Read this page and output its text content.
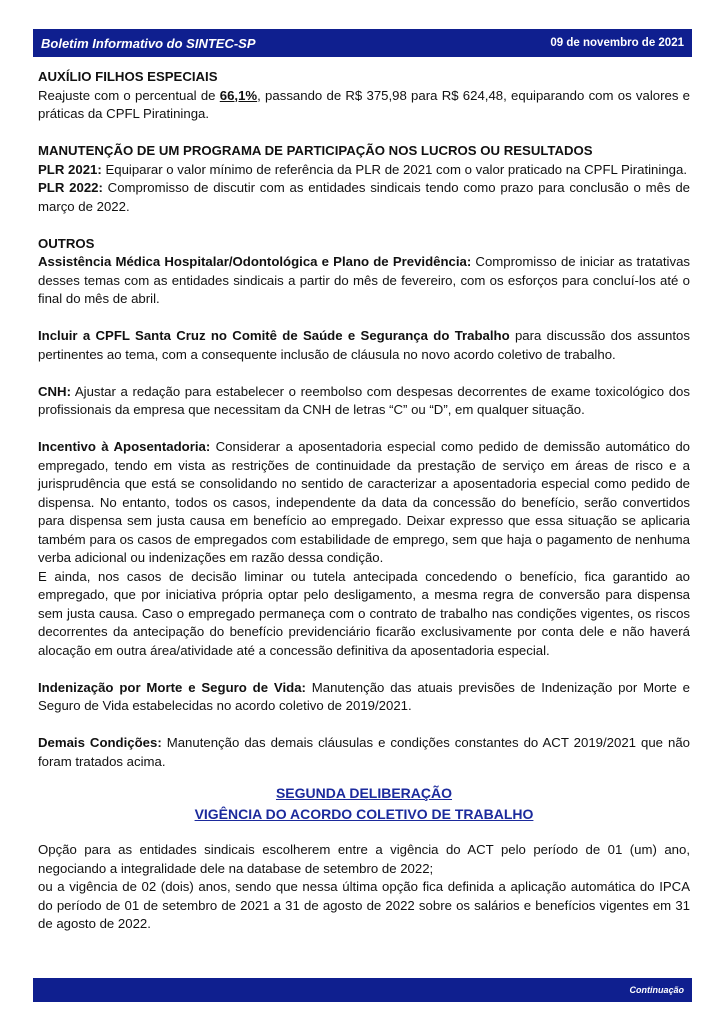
Boletim Informativo do SINTEC-SP	09 de novembro de 2021

AUXÍLIO FILHOS ESPECIAIS

Reajuste com o percentual de 66,1%, passando de R$ 375,98 para R$ 624,48, equiparando com os valores e práticas da CPFL Piratininga.

MANUTENÇÃO DE UM PROGRAMA DE PARTICIPAÇÃO NOS LUCROS OU RESULTADOS

PLR 2021: Equiparar o valor mínimo de referência da PLR de 2021 com o valor praticado na CPFL Piratininga.

PLR 2022: Compromisso de discutir com as entidades sindicais tendo como prazo para conclusão o mês de março de 2022.

OUTROS

Assistência Médica Hospitalar/Odontológica e Plano de Previdência: Compromisso de iniciar as tratativas desses temas com as entidades sindicais a partir do mês de fevereiro, com os esforços para concluí-los até o final do mês de abril.

Incluir a CPFL Santa Cruz no Comitê de Saúde e Segurança do Trabalho para discussão dos assuntos pertinentes ao tema, com a consequente inclusão de cláusula no novo acordo coletivo de trabalho.

CNH: Ajustar a redação para estabelecer o reembolso com despesas decorrentes de exame toxicológico dos profissionais da empresa que necessitam da CNH de letras “C” ou “D”, em qualquer situação.

Incentivo à Aposentadoria: Considerar a aposentadoria especial como pedido de demissão automático do empregado, tendo em vista as restrições de continuidade da prestação de serviço em áreas de risco e a jurisprudência que está se consolidando no sentido de caracterizar a aposentadoria especial como pedido de dispensa. No entanto, todos os casos, independente da data da concessão do benefício, serão convertidos para dispensa sem justa causa em benefício ao empregado. Deixar expresso que essa situação se aplicaria também para os casos de empregados com estabilidade de emprego, sem que haja o pagamento de nenhuma verba adicional ou indenizações em razão dessa condição.

E ainda, nos casos de decisão liminar ou tutela antecipada concedendo o benefício, fica garantido ao empregado, que por iniciativa própria optar pelo desligamento, a mesma regra de conversão para dispensa sem justa causa. Caso o empregado permaneça com o contrato de trabalho nas condições vigentes, os riscos decorrentes da antecipação do benefício previdenciário ficarão exclusivamente por conta dele e não haverá alocação em outra área/atividade até a concessão definitiva da aposentadoria especial.

Indenização por Morte e Seguro de Vida: Manutenção das atuais previsões de Indenização por Morte e Seguro de Vida estabelecidas no acordo coletivo de 2019/2021.

Demais Condições: Manutenção das demais cláusulas e condições constantes do ACT 2019/2021 que não foram tratados acima.

SEGUNDA DELIBERAÇÃO

VIGÊNCIA DO ACORDO COLETIVO DE TRABALHO

Opção para as entidades sindicais escolherem entre a vigência do ACT pelo período de 01 (um) ano, negociando a integralidade dele na database de setembro de 2022;

ou a vigência de 02 (dois) anos, sendo que nessa última opção fica definida a aplicação automática do IPCA do período de 01 de setembro de 2021 a 31 de agosto de 2022 sobre os salários e benefícios vigentes em 31 de agosto de 2022.

Continuação
